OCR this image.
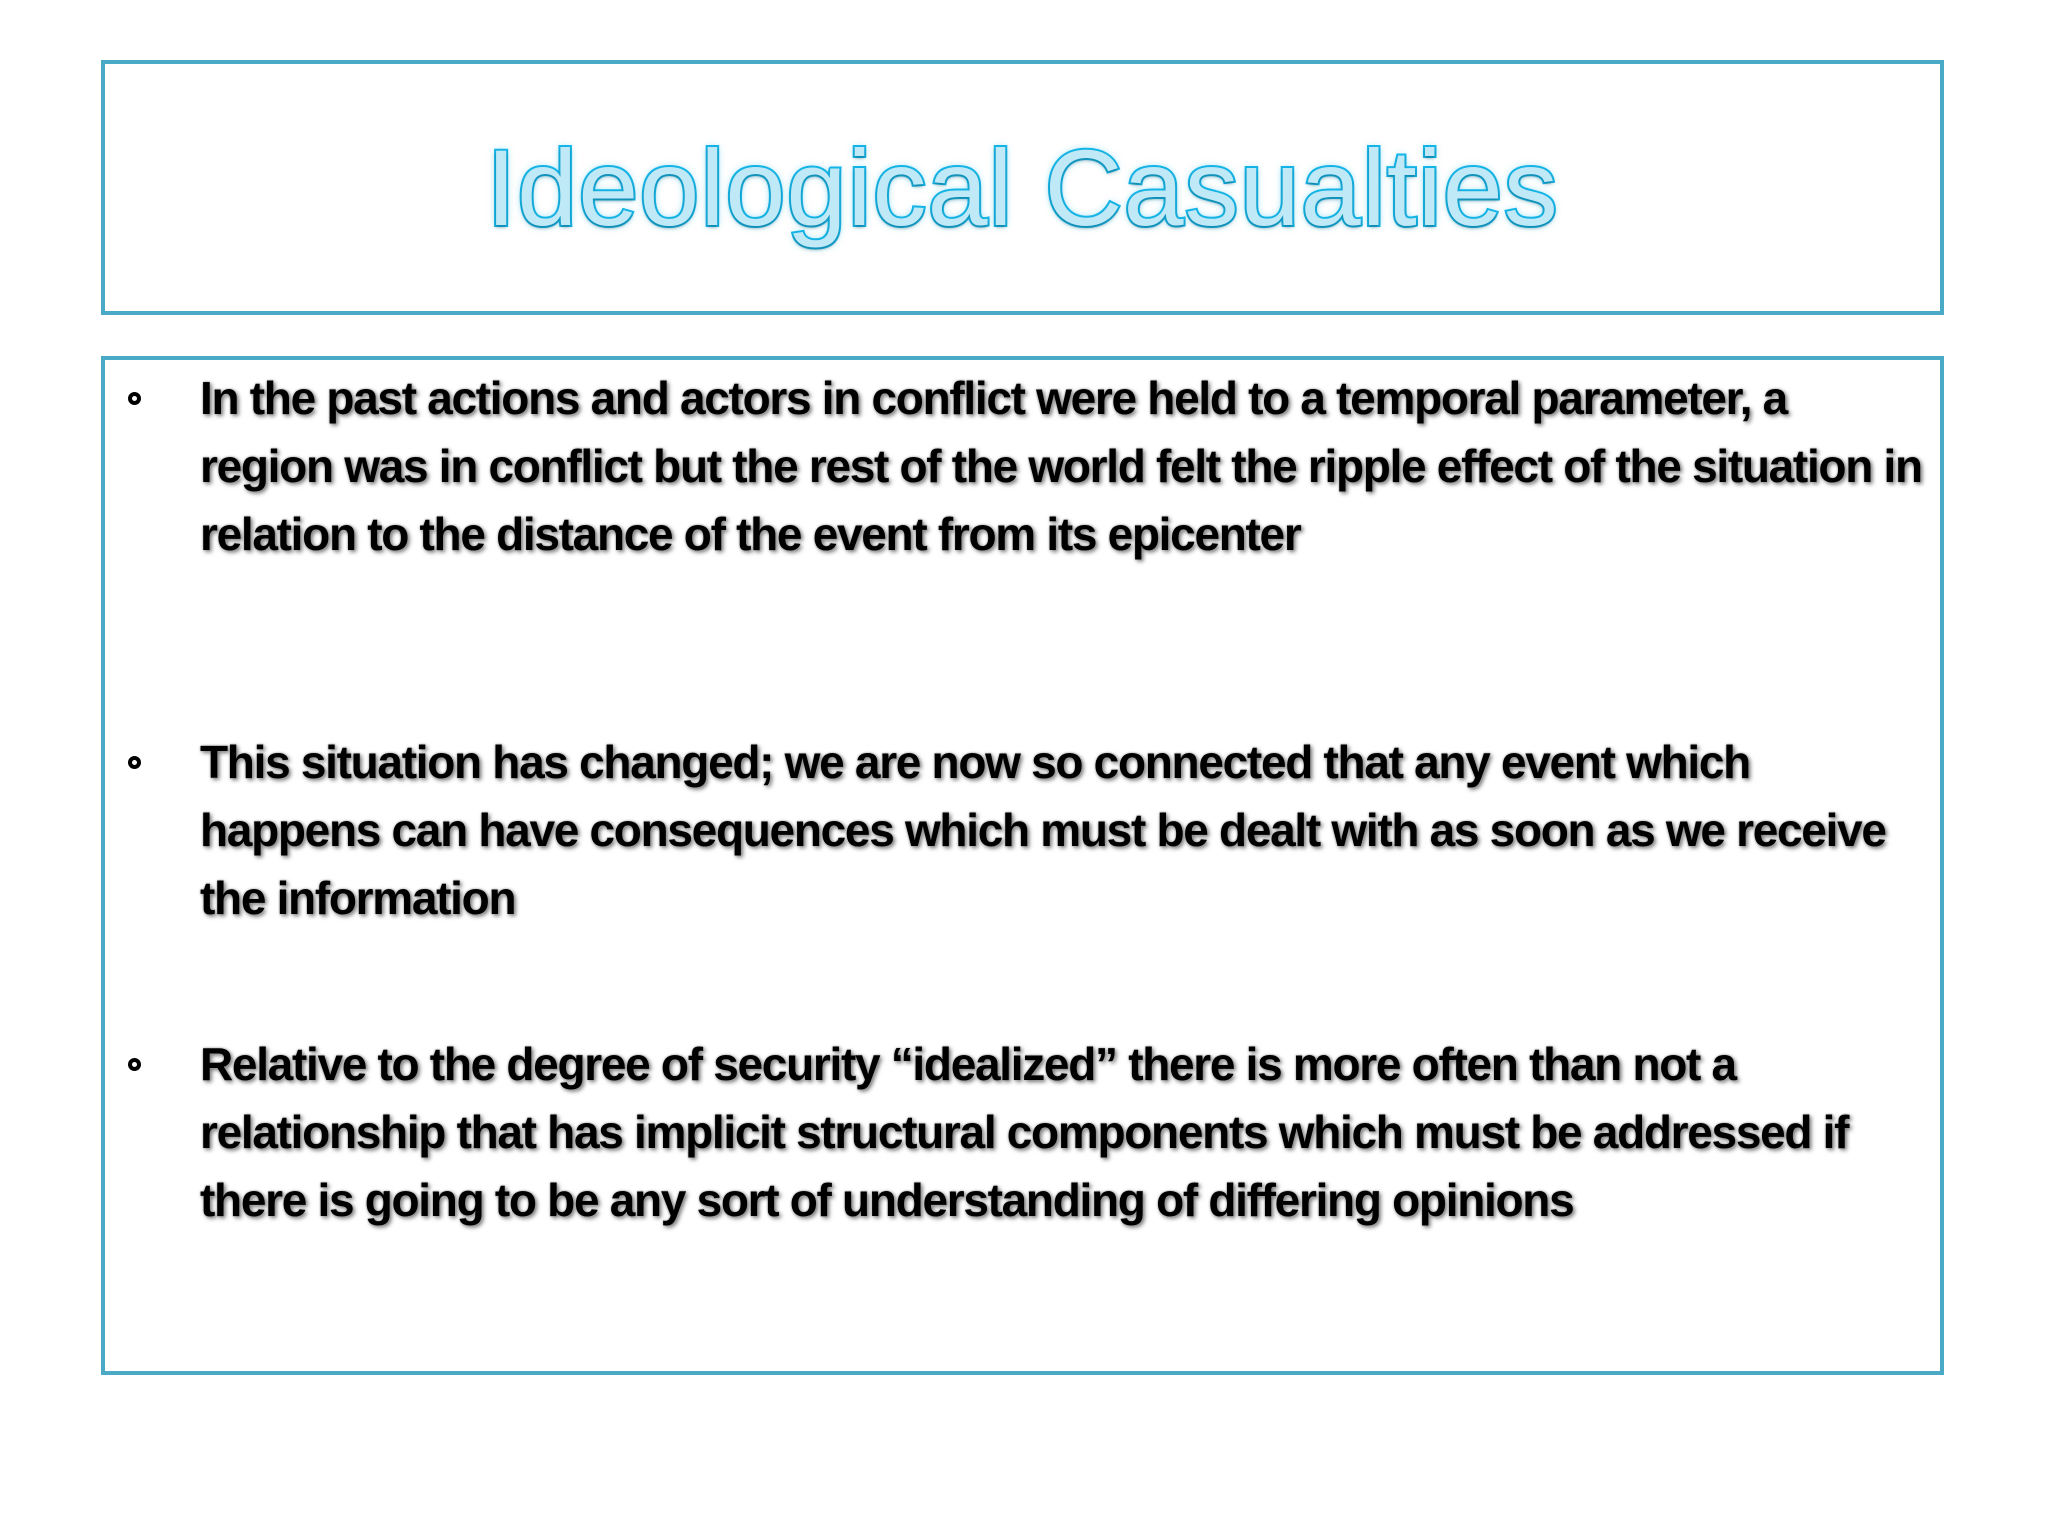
Ideological Casualties

In the past actions and actors in conflict were held to a temporal parameter, a region was in conflict but the rest of the world felt the ripple effect of the situation in relation to the distance of the event from its epicenter

This situation has changed; we are now so connected that any event which happens can have consequences which must be dealt with as soon as we receive the information

Relative to the degree of security “idealized” there is more often than not a relationship that has implicit structural components which must be addressed if there is going to be any sort of understanding of differing opinions
